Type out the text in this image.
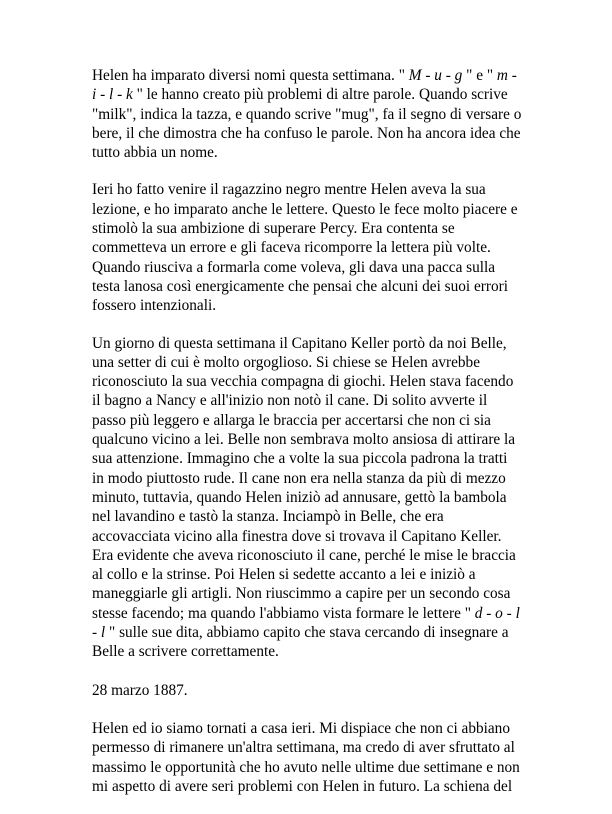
Helen ha imparato diversi nomi questa settimana. " M - u - g " e " m - i - l - k " le hanno creato più problemi di altre parole. Quando scrive "milk", indica la tazza, e quando scrive "mug", fa il segno di versare o bere, il che dimostra che ha confuso le parole. Non ha ancora idea che tutto abbia un nome.

Ieri ho fatto venire il ragazzino negro mentre Helen aveva la sua lezione, e ho imparato anche le lettere. Questo le fece molto piacere e stimolò la sua ambizione di superare Percy. Era contenta se commetteva un errore e gli faceva ricomporre la lettera più volte. Quando riusciva a formarla come voleva, gli dava una pacca sulla testa lanosa così energicamente che pensai che alcuni dei suoi errori fossero intenzionali.

Un giorno di questa settimana il Capitano Keller portò da noi Belle, una setter di cui è molto orgoglioso. Si chiese se Helen avrebbe riconosciuto la sua vecchia compagna di giochi. Helen stava facendo il bagno a Nancy e all'inizio non notò il cane. Di solito avverte il passo più leggero e allarga le braccia per accertarsi che non ci sia qualcuno vicino a lei. Belle non sembrava molto ansiosa di attirare la sua attenzione. Immagino che a volte la sua piccola padrona la tratti in modo piuttosto rude. Il cane non era nella stanza da più di mezzo minuto, tuttavia, quando Helen iniziò ad annusare, gettò la bambola nel lavandino e tastò la stanza. Inciampò in Belle, che era accovacciata vicino alla finestra dove si trovava il Capitano Keller. Era evidente che aveva riconosciuto il cane, perché le mise le braccia al collo e la strinse. Poi Helen si sedette accanto a lei e iniziò a maneggiarle gli artigli. Non riuscimmo a capire per un secondo cosa stesse facendo; ma quando l'abbiamo vista formare le lettere " d - o - l - l " sulle sue dita, abbiamo capito che stava cercando di insegnare a Belle a scrivere correttamente.

28 marzo 1887.

Helen ed io siamo tornati a casa ieri. Mi dispiace che non ci abbiano permesso di rimanere un'altra settimana, ma credo di aver sfruttato al massimo le opportunità che ho avuto nelle ultime due settimane e non mi aspetto di avere seri problemi con Helen in futuro. La schiena del
